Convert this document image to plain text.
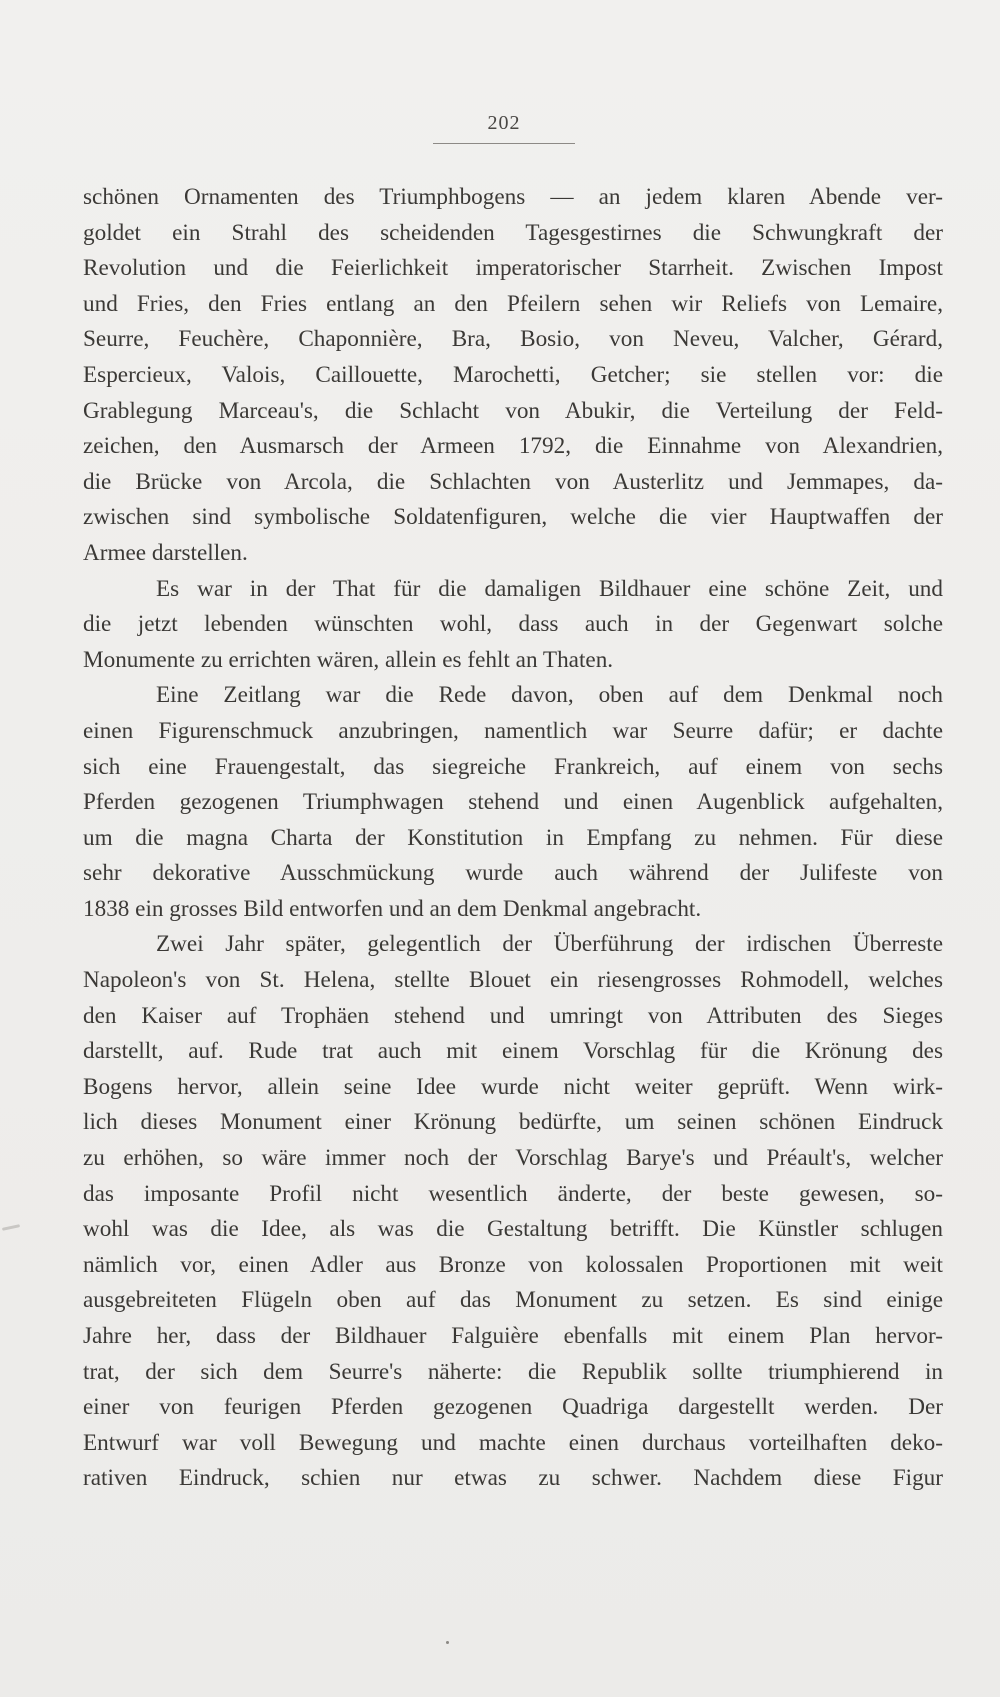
202
schönen Ornamenten des Triumphbogens — an jedem klaren Abende ver-
goldet ein Strahl des scheidenden Tagesgestirnes die Schwungkraft der
Revolution und die Feierlichkeit imperatorischer Starrheit. Zwischen Impost
und Fries, den Fries entlang an den Pfeilern sehen wir Reliefs von Lemaire,
Seurre, Feuchère, Chaponnière, Bra, Bosio, von Neveu, Valcher, Gérard,
Espercieux, Valois, Caillouette, Marochetti, Getcher; sie stellen vor: die
Grablegung Marceau's, die Schlacht von Abukir, die Verteilung der Feld-
zeichen, den Ausmarsch der Armeen 1792, die Einnahme von Alexandrien,
die Brücke von Arcola, die Schlachten von Austerlitz und Jemmapes, da-
zwischen sind symbolische Soldatenfiguren, welche die vier Hauptwaffen der
Armee darstellen.
Es war in der That für die damaligen Bildhauer eine schöne Zeit, und
die jetzt lebenden wünschten wohl, dass auch in der Gegenwart solche
Monumente zu errichten wären, allein es fehlt an Thaten.
Eine Zeitlang war die Rede davon, oben auf dem Denkmal noch
einen Figurenschmuck anzubringen, namentlich war Seurre dafür; er dachte
sich eine Frauengestalt, das siegreiche Frankreich, auf einem von sechs
Pferden gezogenen Triumphwagen stehend und einen Augenblick aufgehalten,
um die magna Charta der Konstitution in Empfang zu nehmen. Für diese
sehr dekorative Ausschmückung wurde auch während der Julifeste von
1838 ein grosses Bild entworfen und an dem Denkmal angebracht.
Zwei Jahr später, gelegentlich der Überführung der irdischen Überreste
Napoleon's von St. Helena, stellte Blouet ein riesengrosses Rohmodell, welches
den Kaiser auf Trophäen stehend und umringt von Attributen des Sieges
darstellt, auf. Rude trat auch mit einem Vorschlag für die Krönung des
Bogens hervor, allein seine Idee wurde nicht weiter geprüft. Wenn wirk-
lich dieses Monument einer Krönung bedürfte, um seinen schönen Eindruck
zu erhöhen, so wäre immer noch der Vorschlag Barye's und Préault's, welcher
das imposante Profil nicht wesentlich änderte, der beste gewesen, so-
wohl was die Idee, als was die Gestaltung betrifft. Die Künstler schlugen
nämlich vor, einen Adler aus Bronze von kolossalen Proportionen mit weit
ausgebreiteten Flügeln oben auf das Monument zu setzen. Es sind einige
Jahre her, dass der Bildhauer Falguière ebenfalls mit einem Plan hervor-
trat, der sich dem Seurre's näherte: die Republik sollte triumphierend in
einer von feurigen Pferden gezogenen Quadriga dargestellt werden. Der
Entwurf war voll Bewegung und machte einen durchaus vorteilhaften deko-
rativen Eindruck, schien nur etwas zu schwer. Nachdem diese Figur
